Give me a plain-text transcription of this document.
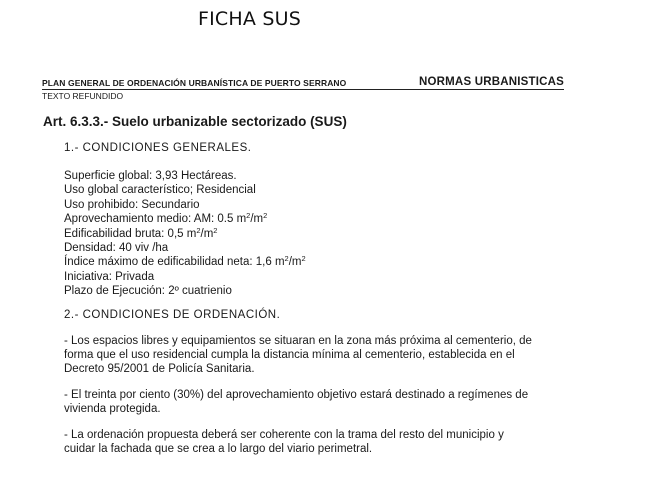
FICHA SUS
PLAN GENERAL DE ORDENACIÓN URBANÍSTICA DE PUERTO SERRANO	NORMAS URBANISTICAS
TEXTO REFUNDIDO
Art. 6.3.3.- Suelo urbanizable sectorizado (SUS)
1.- CONDICIONES GENERALES.
Superficie global: 3,93 Hectáreas.
Uso global característico; Residencial
Uso prohibido: Secundario
Aprovechamiento medio: AM: 0.5 $m^2/m^2$
Edificabilidad bruta: 0,5 $m^2/m^2$
Densidad: 40 viv /ha
Índice máximo de edificabilidad neta: 1,6 $m^2/m^2$
Iniciativa: Privada
Plazo de Ejecución: 2º cuatrienio
2.- CONDICIONES DE ORDENACIÓN.
- Los espacios libres y equipamientos se situaran en la zona más próxima al cementerio, de
forma que el uso residencial cumpla la distancia mínima al cementerio, establecida en el
Decreto 95/2001 de Policía Sanitaria.
- El treinta por ciento (30%) del aprovechamiento objetivo estará destinado a regímenes de
vivienda protegida.
- La ordenación propuesta deberá ser coherente con la trama del resto del municipio y
cuidar la fachada que se crea a lo largo del viario perimetral.
